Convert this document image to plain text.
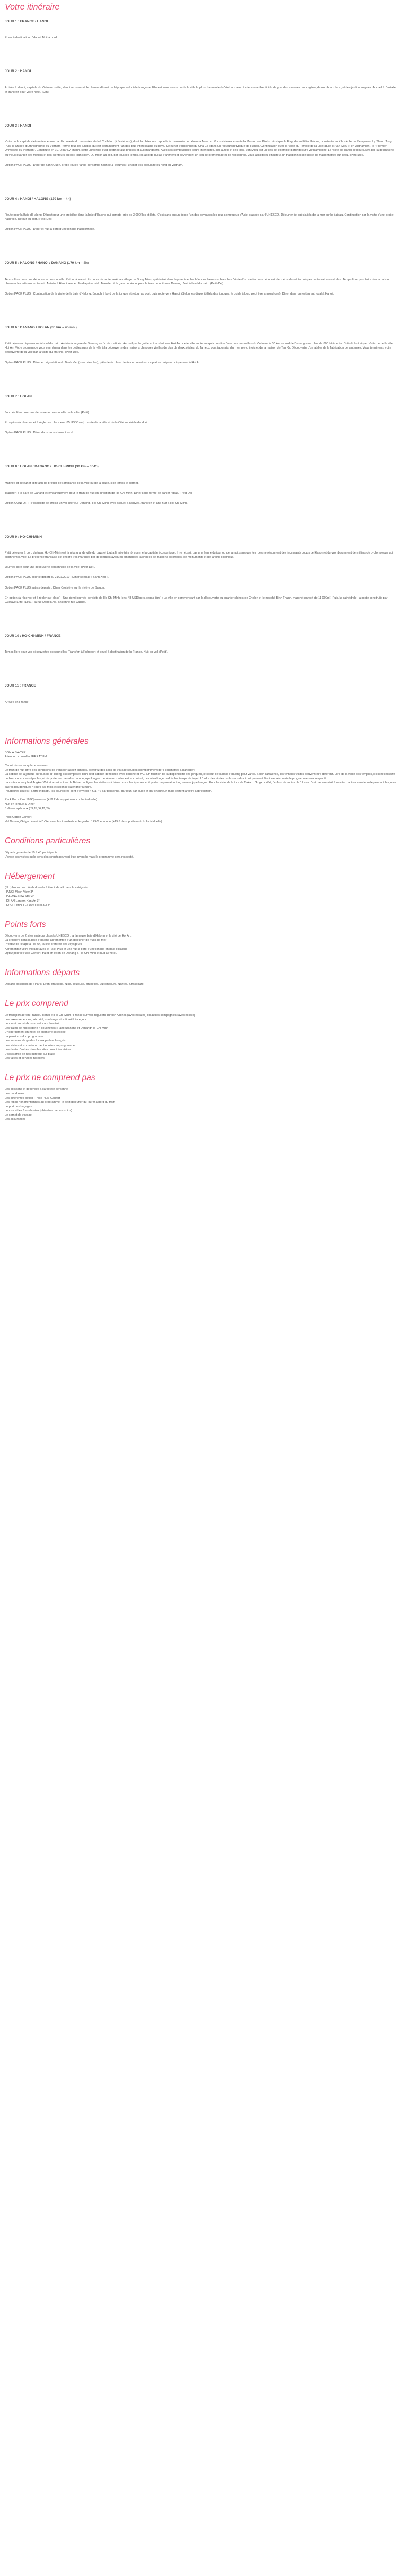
Votre itinéraire
JOUR 1 : FRANCE / HANOI

Envol à destination d'Hanoi. Nuit à bord.

JOUR 2 : HANOI

Arrivée à Hanoi, capitale du Vietnam unifié, Hanoi a conservé le charme désuet de l'époque coloniale française. Elle est sans aucun doute la ville la plus charmante du Vietnam avec toute son authenticité, de grandes avenues ombragées, de nombreux lacs, et des jardins soignés. Accueil à l'arrivée et transfert pour votre hôtel. (Dîn).

JOUR 3 : HANOI

Visite de la capitale vietnamienne avec la découverte du mausolée de Hô Chi Minh (à l'extérieur), dont l'architecture rappelle le mausolée de Lénine à Moscou. Vous visiterez ensuite la Maison sur Pilotis, ainsi que la Pagode au Pilier Unique, construite au XIe siècle par l'empereur Ly Thanh Tong. Puis, le Musée d'Ethnographie du Vietnam (fermé tous les lundis), qui est certainement l'un des plus intéressants du pays. Déjeuner traditionnel du Cha Ca (dans un restaurant typique de Hanoi). Continuation avec la visite du Temple de la Littérature (« Van Mieu » en vietnamien), le "Premier Université du Vietnam". Construite en 1070 par Ly Thanh, cette université était destinée aux princes et aux mandarins. Avec ses somptueuses cours intérieures, ses autels et ses toits, Van Mieu est un très bel exemple d'architecture vietnamienne. La visite de Hanoi se poursuivra par la découverte du vieux quartier des métiers et des alentours du lac Hoan Kiem. Du matin au soir, par tous les temps, les abords du lac s'animent et deviennent un lieu de promenade et de rencontres. Vous assisterez ensuite à un traditionnel spectacle de marionnettes sur l'eau. (Petit-Déj).

Option PACK PLUS : Dîner de Banh Cuon, crêpe roulée farcie de viande hachée & légumes : un plat très populaire du nord du Vietnam.

JOUR 4 : HANOI / HALONG (170 km – 4h)

Route pour la Baie d'Halong. Départ pour une croisière dans la baie d'Halong qui compte près de 3 000 îles et îlots. C'est sans aucun doute l'un des paysages les plus somptueux d'Asie, classée par l'UNESCO. Déjeuner de spécialités de la mer sur le bateau. Continuation par la visite d'une grotte naturelle. Retour au port. (Petit-Déj)

Option PACK PLUS : Dîner et nuit à bord d'une jonque traditionnelle.

JOUR 5 : HALONG / HANOI / DANANG (170 km – 4h)

Temps libre pour une découverte personnelle. Retour à Hanoi. En cours de route, arrêt au village de Dong Trieu, spécialisé dans la poterie et les faïences bleues et blanches. Visite d'un atelier pour découvrir de méthodes et techniques de travail ancestrales. Temps libre pour faire des achats ou observer les artisans au travail. Arrivée à Hanoi vers en fin d'après- midi. Transfert à la gare de Hanoi pour le train de nuit vers Danang. Nuit à bord du train. (Petit-Déj).

Option PACK PLUS : Continuation de la visite de la baie d'Halong. Brunch à bord de la jonque et retour au port, puis route vers Hanoi. (Selon les disponibilités des jonques, le guide à bord peut être anglophone). Dîner dans un restaurant local à Hanoi.

JOUR 6 : DANANG / HOI AN (30 km – 45 mn.)

Petit déjeuner pique-nique à bord du train. Arrivée à la gare de Danang en fin de matinée. Accueil par le guide et transfert vers Hoi An , cette ville ancienne qui constitue l'une des merveilles du Vietnam, à 30 km au sud de Danang avec plus de 800 bâtiments d'intérêt historique. Visite de de la ville Hoi An. Votre promenade vous emmènera dans les petites rues de la ville à la découverte des maisons chinoises vieilles de plus de deux siècles, du fameux pont japonais, d'un temple chinois et de la maison de Tan Ky. Découverte d'un atelier de la fabrication de lanternes. Vous terminerez votre découverte de la ville par la visite du Marché. (Petit-Déj).

Option PACK PLUS : Dîner et dégustation du Banh Vac (rose blanche ), pâte de riz blanc farcie de crevettes, ce plat se prépare uniquement à Hoi An.

JOUR 7 : HOI AN

Journée libre pour une découverte personnelle de la ville. (Petit).

En option (à réserver et à régler sur place env. 85 USD/pers) : visite de la ville et de la Cité Impériale de Hué.

Option PACK PLUS : Dîner dans un restaurant local.

JOUR 8 : HOI AN / DANANG / HO-CHI-MINH (30 km – 0h45)

Matinée et déjeuner libre afin de profiter de l'ambiance de la ville ou de la plage, si le temps le permet.

Transfert à la gare de Danang et embarquement pour le train de nuit en direction de Ho-Chi-Minh. Dîner sous forme de panier repas. (Petit-Déj)

Option CONFORT : Possibilité de choisir un vol intérieur Danang / Ho-Chi-Minh avec accueil à l'arrivée, transfert et une nuit à Ho-Chi-Minh.

JOUR 9 : HO-CHI-MINH

Petit déjeuner à bord du train. Ho-Chi-Minh est la plus grande ville du pays et tout affirmée très tôt comme la capitale économique. Il ne réussit pas une heure du jour ou de la nuit sans que les rues ne résonnent des incessants coups de klaxon et du vrombissement de milliers de cyclomoteurs qui sillonnent la ville. La présence française est encore très marquée par de longues avenues ombragées jalonnées de maisons coloniales, de monuments et de jardins coloniaux.

Journée libre pour une découverte personnelle de la ville. (Petit-Déj).

Option PACK PLUS pour le départ du 21/03/2019 : Dîner spécial « Banh Xeo ».

Option PACK PLUS autres départs : Dîner Croisière sur la rivière de Saigon.

En option (à réserver et à régler sur place) : Une demi-journée de visite de Ho-Chi-Minh (env. 48 USD/pers, repas libre) : La ville en commençant par la découverte du quartier chinois de Cholon et le marché Binh Thanh, marché couvert de 11 000m². Puis, la cathédrale, la poste construite par Gustave Eiffel (1891), la rue Dong Khoi, ancienne rue Catinat.

JOUR 10 : HO-CHI-MINH / FRANCE

Temps libre pour vos découvertes personnelles. Transfert à l'aéroport et envol à destination de la France. Nuit en vol. (Petit).

JOUR 11 : FRANCE

Arrivée en France.

Informations générales
BON À SAVOIR
Attention: consulter l'ERRATUM

Circuit dense au rythme soutenu.
Le train de nuit offre des conditions de transport assez simples, préférez des sacs de voyage souples (compartiment de 4 couchettes à partager)
La cabine de la jonque sur la Baie d'Halong est composée d'un petit cabinet de toilette avec douche et WC. En fonction de la disponibilité des jonques, le circuit de la baie d'Halong peut varier. Selon l'affluence, les temples visités peuvent être différent. Lors de la visite des temples, il est nécessaire de bien couvrir ses épaules, et de porter un pantalon ou une jupe longue. Le réseau routier est encombré, ce qui rallonge parfois les temps de trajet. L'ordre des visites ou le sens du circuit peuvent être inversés, mais le programme sera respecté.
La visite du temple d'Angkor Wat et aussi la tour de Bakam obligent les visiteurs à bien couvrir les épaules et à porter un pantalon long ou une jupe longue. Pour la visite de la tour de Bakan d'Angkor Wat, l'enfant de moins de 12 ans n'est pas autorisé à monter. La tour sera fermée pendant les jours sacrés bouddhiques 4 jours par mois et selon le calendrier lunaire.
Pourboires usuels : à titre indicatif, les pourboires sont d'environ 4 € à 7 € par personne, par jour, par guide et par chauffeur, mais restent à votre appréciation.

Pack Pack Plus 169€/personne (+19 € de supplément ch. Individuelle)
Nuit en jonque & Dîner
5 dîners spéciaux (J3,J5,J6,J7,J9)

Pack Option Confort
Vol Danang/Saigon + nuit à l'hôtel avec les transferts et le guide : 129€/personne (+19 € de supplément ch. Individuelle)
Conditions particulières
Départs garantis de 10 à 40 participants.
L'ordre des visites ou le sens des circuits peuvent être inversés mais le programme sera respecté.
Hébergement
(NL.) Noms des hôtels donnés à titre indicatif dans la catégorie
HANOI Moon View 3*
HALONG New Star 3*
HOI AN Lantern Kim An 3*
HO-CHI-MINH Le Duy Hotel 3/3 3*
Points forts
Découverte de 2 sites majeurs classés UNESCO : la fameuse baie d'Halong et la cité de Hoi An.
La croisière dans la baie d'Halong agrémentée d'un déjeuner de fruits de mer
Profitez de l'étape à Hoi An, la cité préférée des voyageurs
Agrémentez votre voyage avec le Pack Plus et une nuit à bord d'une jonque en baie d'Halong
Optez pour le Pack Confort, trajet en avion de Danang à Ho-Chi-Minh et nuit à l'hôtel.
Informations départs
Départs possibles de : Paris, Lyon, Marseille, Nice, Toulouse, Bruxelles, Luxembourg, Nantes, Strasbourg
Le prix comprend
Le transport aérien France / Hanoi et Ho-Chi-Minh / France sur vols réguliers Turkish Airlines (avec escales) ou autres compagnies (avec escale)
Les taxes aériennes, sécurité, surcharge et solidarité à ce jour
Le circuit en minibus ou autocar climatisé
Les trains de nuit (cabine 4 couchettes) Hanoi/Danang et Danang/Ho-Chi-Minh
L'hébergement en hôtel de première catégorie
La pension selon programme
Les services de guides locaux parlant français
Les visites et excursions mentionnées au programme
Les droits d'entrée dans les sites durant les visites
L'assistance de nos bureaux sur place
Les taxes et services hôteliers
Le prix ne comprend pas
Les boissons et dépenses à caractère personnel
Les pourboires
Les différentes option : Pack Plus, Confort
Les repas non mentionnés au programme, le petit déjeuner du jour 9 à bord du train
Le port des bagages
Le visa et les frais de visa (obtention par vos soins)
Le carnet de voyage
Les assurances
